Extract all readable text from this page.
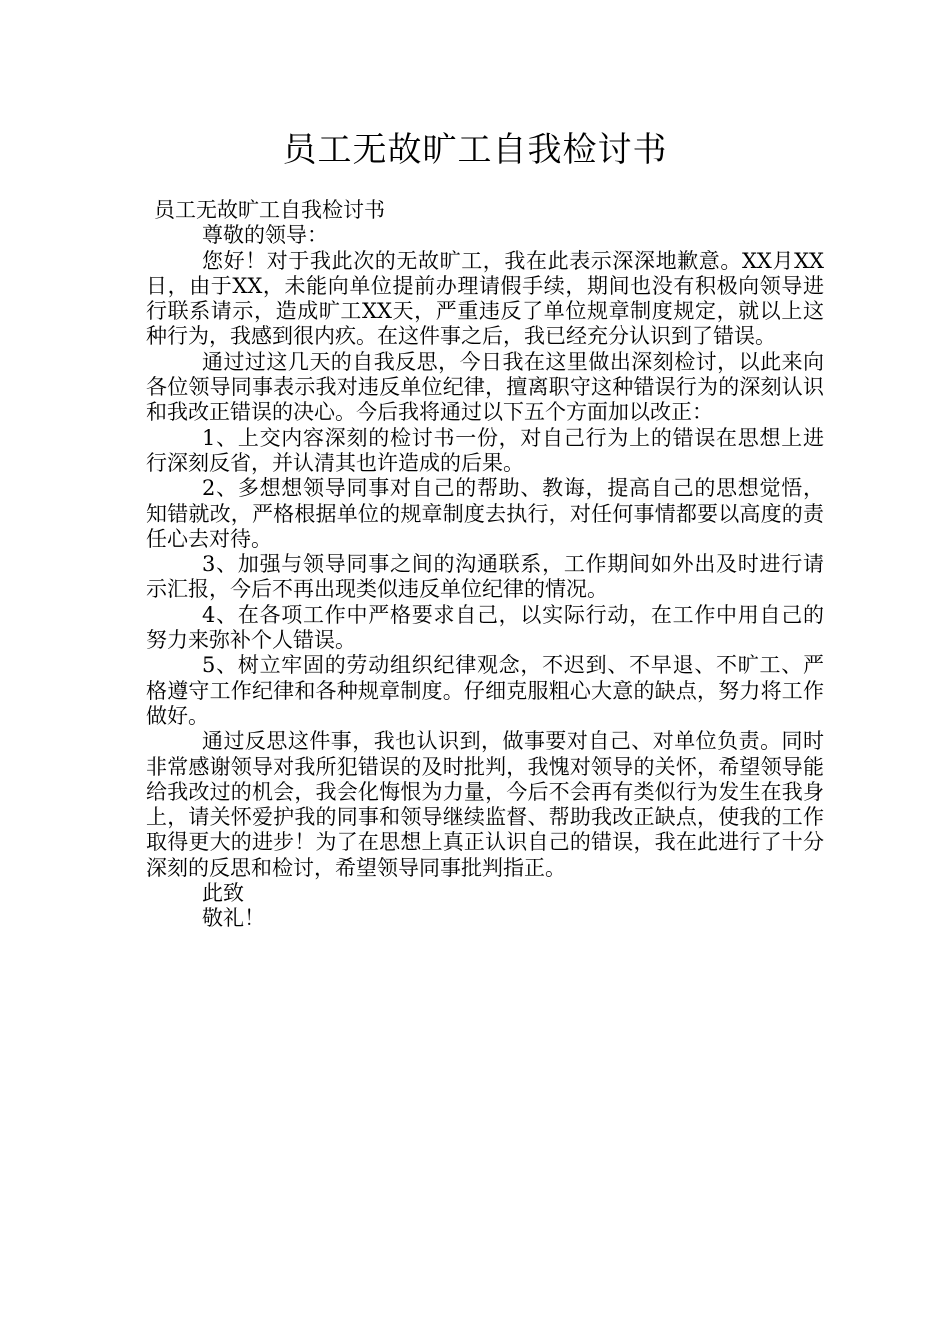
员工无故旷工自我检讨书

员工无故旷工自我检讨书

尊敬的领导：

您好！对于我此次的无故旷工，我在此表示深深地歉意。XX月XX日，由于XX，未能向单位提前办理请假手续，期间也没有积极向领导进行联系请示，造成旷工XX天，严重违反了单位规章制度规定，就以上这种行为，我感到很内疚。在这件事之后，我已经充分认识到了错误。

通过过这几天的自我反思，今日我在这里做出深刻检讨，以此来向各位领导同事表示我对违反单位纪律，擅离职守这种错误行为的深刻认识和我改正错误的决心。今后我将通过以下五个方面加以改正：

1、上交内容深刻的检讨书一份，对自己行为上的错误在思想上进行深刻反省，并认清其也许造成的后果。

2、多想想领导同事对自己的帮助、教诲，提高自己的思想觉悟，知错就改，严格根据单位的规章制度去执行，对任何事情都要以高度的责任心去对待。

3、加强与领导同事之间的沟通联系，工作期间如外出及时进行请示汇报，今后不再出现类似违反单位纪律的情况。

4、在各项工作中严格要求自己，以实际行动，在工作中用自己的努力来弥补个人错误。

5、树立牢固的劳动组织纪律观念，不迟到、不早退、不旷工、严格遵守工作纪律和各种规章制度。仔细克服粗心大意的缺点，努力将工作做好。

通过反思这件事，我也认识到，做事要对自己、对单位负责。同时非常感谢领导对我所犯错误的及时批判，我愧对领导的关怀，希望领导能给我改过的机会，我会化悔恨为力量，今后不会再有类似行为发生在我身上，请关怀爱护我的同事和领导继续监督、帮助我改正缺点，使我的工作取得更大的进步！为了在思想上真正认识自己的错误，我在此进行了十分深刻的反思和检讨，希望领导同事批判指正。

此致

敬礼！
